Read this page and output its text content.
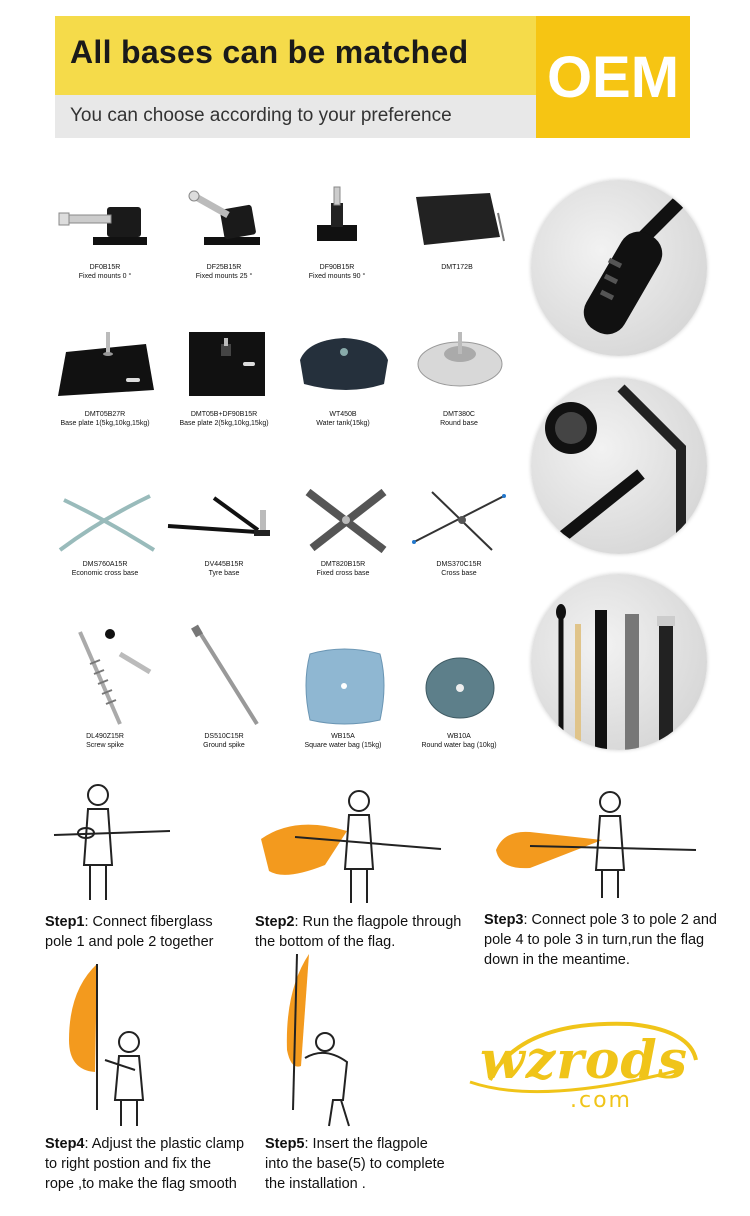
All bases can be matched
You can choose according to your preference
OEM
DF0B15R
Fixed mounts 0 °
DF25B15R
Fixed mounts 25 °
DF90B15R
Fixed mounts 90 °
DMT172B
DMT05B27R
Base plate 1(5kg,10kg,15kg)
DMT05B+DF90B15R
Base plate 2(5kg,10kg,15kg)
WT450B
Water tank(15kg)
DMT380C
Round base
DMS760A15R
Economic cross base
DV445B15R
Tyre base
DMT820B15R
Fixed cross base
DMS370C15R
Cross base
DL490Z15R
Screw spike
DS510C15R
Ground spike
WB15A
Square water bag (15kg)
WB10A
Round water bag (10kg)
Step1: Connect fiberglass
pole 1 and pole 2 together
Step2: Run the flagpole through
the bottom of the flag.
Step3: Connect pole 3 to pole 2 and
pole 4 to pole 3 in turn,run the flag
down in the meantime.
Step4: Adjust the plastic clamp
to right postion and fix the
rope ,to make the flag smooth
Step5: Insert the flagpole
into the base(5) to complete
the installation .
wzrods
.com
